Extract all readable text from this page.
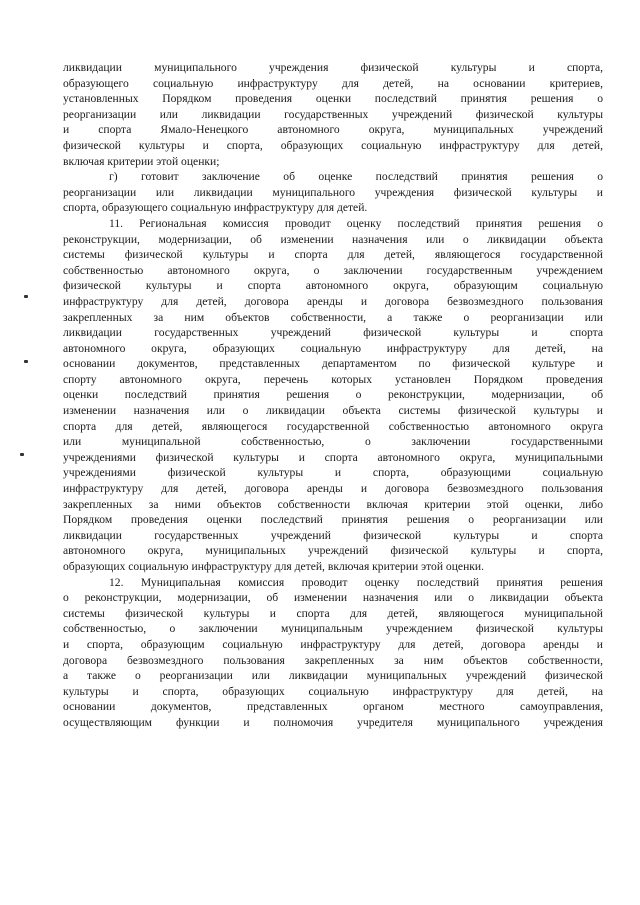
ликвидации муниципального учреждения физической культуры и спорта,
образующего социальную инфраструктуру для детей, на основании критериев,
установленных Порядком проведения оценки последствий принятия решения о
реорганизации или ликвидации государственных учреждений физической культуры
и спорта Ямало-Ненецкого автономного округа, муниципальных учреждений
физической культуры и спорта, образующих социальную инфраструктуру для детей,
включая критерии этой оценки;
г) готовит заключение об оценке последствий принятия решения о
реорганизации или ликвидации муниципального учреждения физической культуры и
спорта, образующего социальную инфраструктуру для детей.
11. Региональная комиссия проводит оценку последствий принятия решения о
реконструкции, модернизации, об изменении назначения или о ликвидации объекта
системы физической культуры и спорта для детей, являющегося государственной
собственностью автономного округа, о заключении государственным учреждением
физической культуры и спорта автономного округа, образующим социальную
инфраструктуру для детей, договора аренды и договора безвозмездного пользования
закрепленных за ним объектов собственности, а также о реорганизации или
ликвидации государственных учреждений физической культуры и спорта
автономного округа, образующих социальную инфраструктуру для детей, на
основании документов, представленных департаментом по физической культуре и
спорту автономного округа, перечень которых установлен Порядком проведения
оценки последствий принятия решения о реконструкции, модернизации, об
изменении назначения или о ликвидации объекта системы физической культуры и
спорта для детей, являющегося государственной собственностью автономного округа
или муниципальной собственностью, о заключении государственными
учреждениями физической культуры и спорта автономного округа, муниципальными
учреждениями физической культуры и спорта, образующими социальную
инфраструктуру для детей, договора аренды и договора безвозмездного пользования
закрепленных за ними объектов собственности включая критерии этой оценки, либо
Порядком проведения оценки последствий принятия решения о реорганизации или
ликвидации государственных учреждений физической культуры и спорта
автономного округа, муниципальных учреждений физической культуры и спорта,
образующих социальную инфраструктуру для детей, включая критерии этой оценки.
12. Муниципальная комиссия проводит оценку последствий принятия решения
о реконструкции, модернизации, об изменении назначения или о ликвидации объекта
системы физической культуры и спорта для детей, являющегося муниципальной
собственностью, о заключении муниципальным учреждением физической культуры
и спорта, образующим социальную инфраструктуру для детей, договора аренды и
договора безвозмездного пользования закрепленных за ним объектов собственности,
а также о реорганизации или ликвидации муниципальных учреждений физической
культуры и спорта, образующих социальную инфраструктуру для детей, на
основании документов, представленных органом местного самоуправления,
осуществляющим функции и полномочия учредителя муниципального учреждения
